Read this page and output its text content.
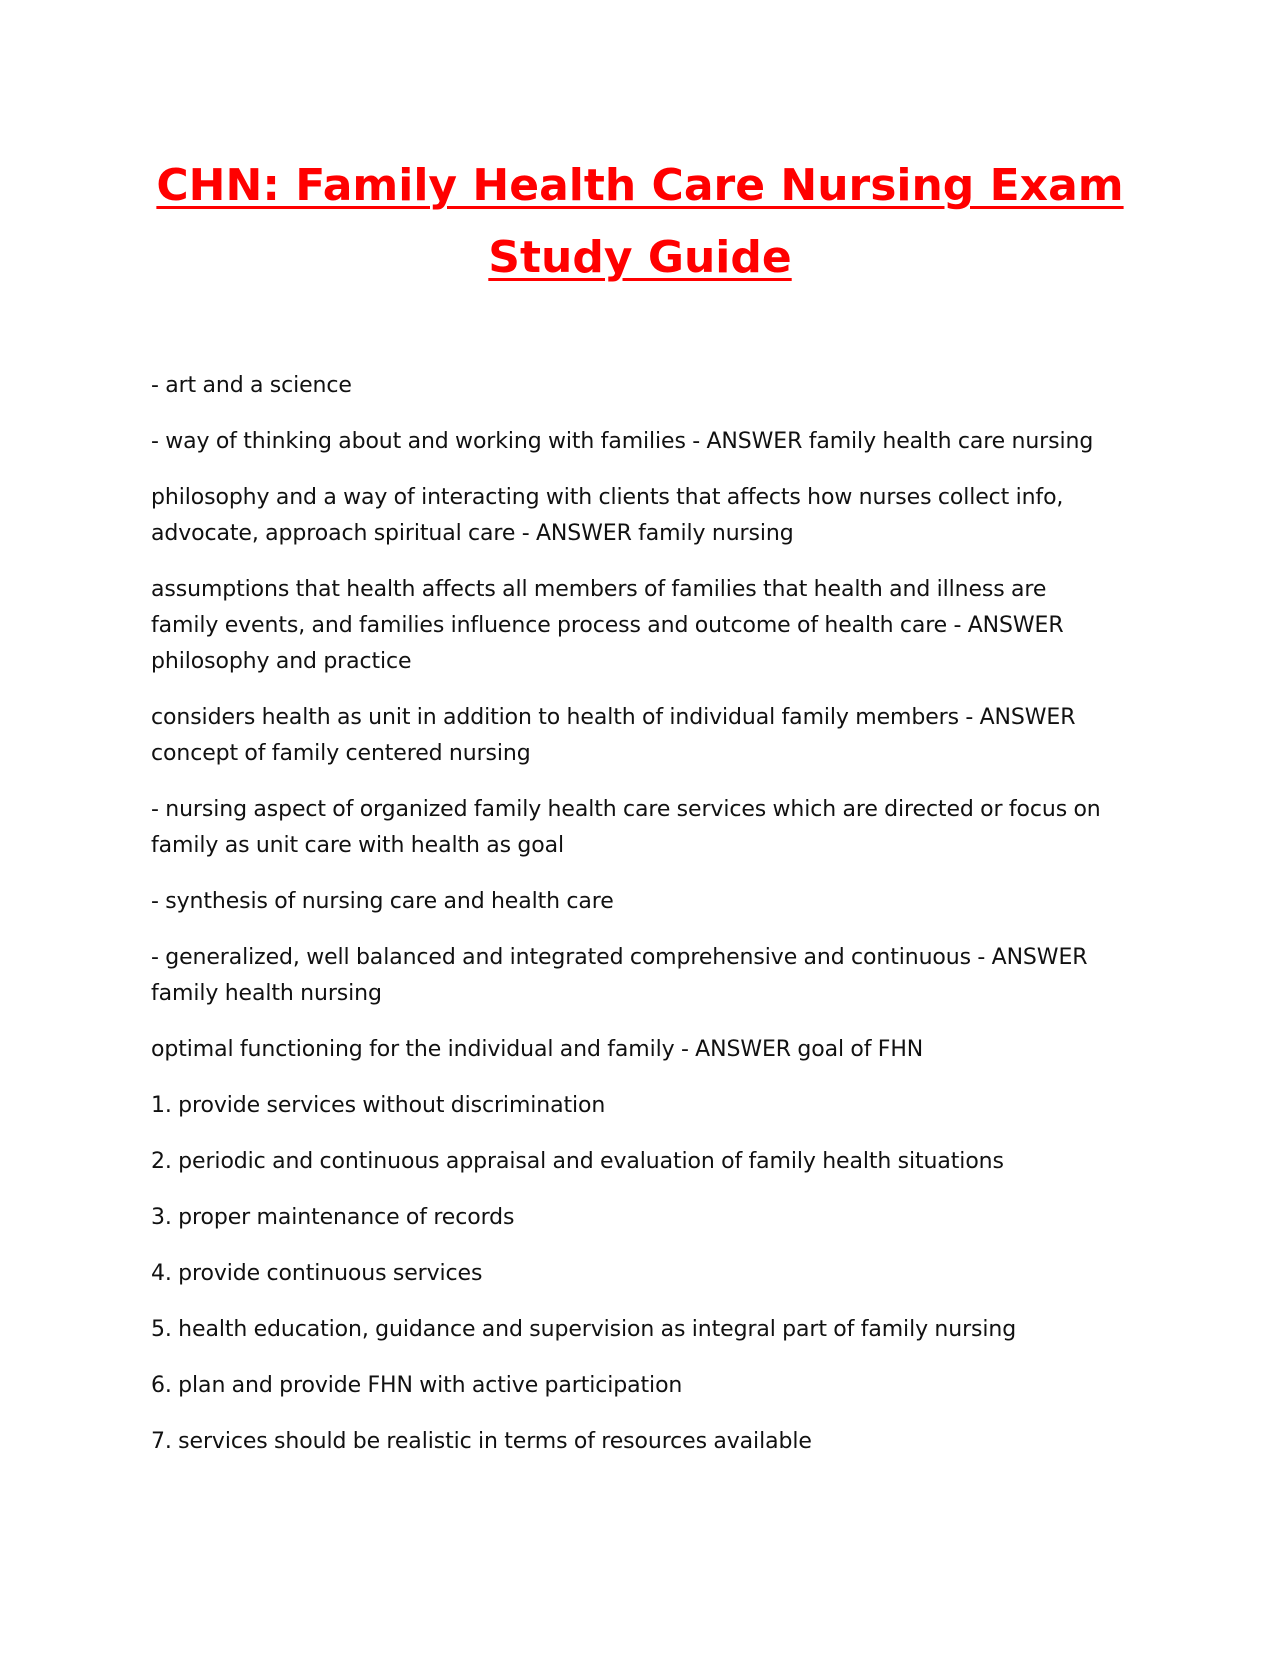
CHN: Family Health Care Nursing Exam Study Guide

- art and a science

- way of thinking about and working with families - ANSWER family health care nursing

philosophy and a way of interacting with clients that affects how nurses collect info, advocate, approach spiritual care - ANSWER family nursing

assumptions that health affects all members of families that health and illness are family events, and families influence process and outcome of health care - ANSWER philosophy and practice

considers health as unit in addition to health of individual family members - ANSWER concept of family centered nursing

- nursing aspect of organized family health care services which are directed or focus on family as unit care with health as goal

- synthesis of nursing care and health care

- generalized, well balanced and integrated comprehensive and continuous - ANSWER family health nursing

optimal functioning for the individual and family - ANSWER goal of FHN

1. provide services without discrimination

2. periodic and continuous appraisal and evaluation of family health situations

3. proper maintenance of records

4. provide continuous services

5. health education, guidance and supervision as integral part of family nursing

6. plan and provide FHN with active participation

7. services should be realistic in terms of resources available
